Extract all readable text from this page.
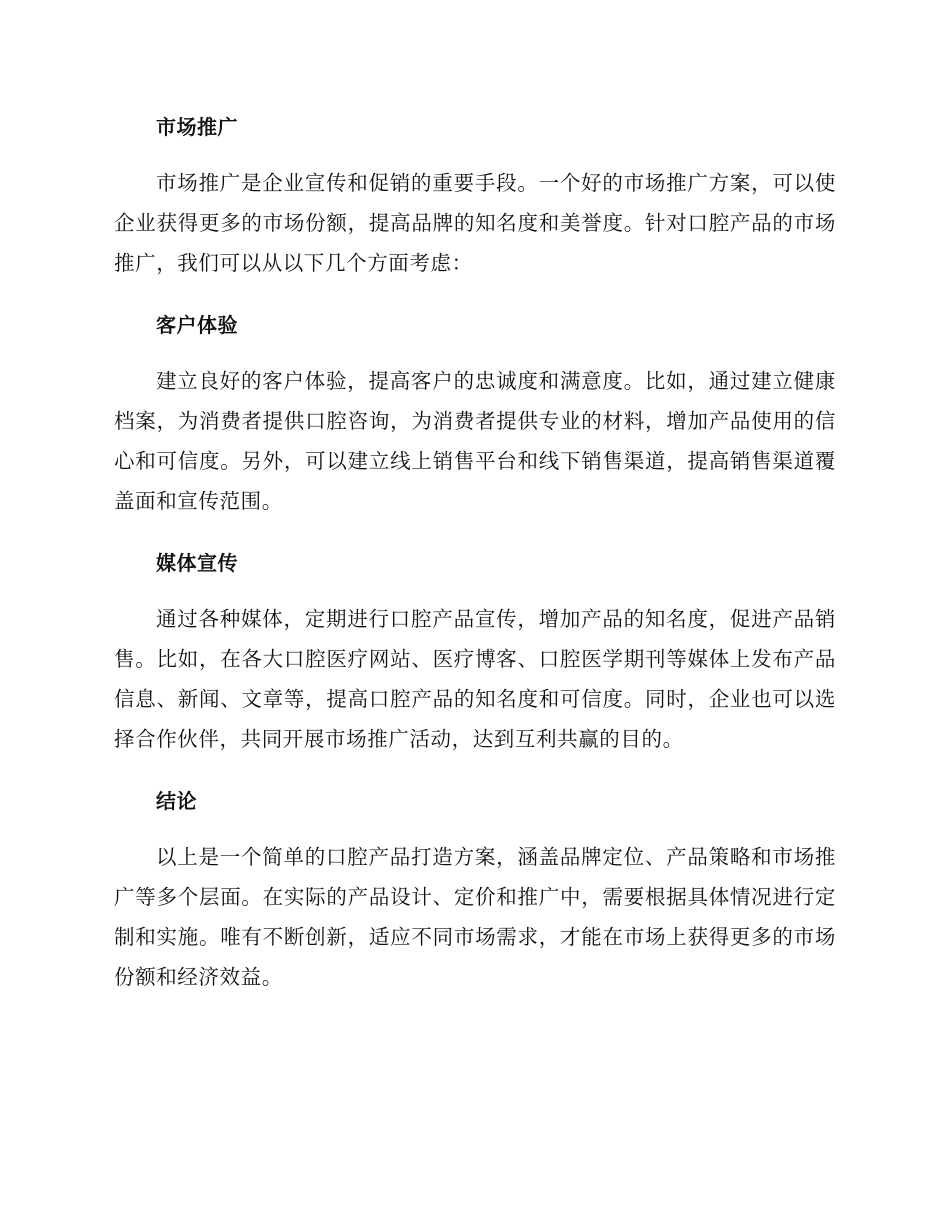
市场推广

市场推广是企业宣传和促销的重要手段。一个好的市场推广方案，可以使企业获得更多的市场份额，提高品牌的知名度和美誉度。针对口腔产品的市场推广，我们可以从以下几个方面考虑：

客户体验

建立良好的客户体验，提高客户的忠诚度和满意度。比如，通过建立健康档案，为消费者提供口腔咨询，为消费者提供专业的材料，增加产品使用的信心和可信度。另外，可以建立线上销售平台和线下销售渠道，提高销售渠道覆盖面和宣传范围。

媒体宣传

通过各种媒体，定期进行口腔产品宣传，增加产品的知名度，促进产品销售。比如，在各大口腔医疗网站、医疗博客、口腔医学期刊等媒体上发布产品信息、新闻、文章等，提高口腔产品的知名度和可信度。同时，企业也可以选择合作伙伴，共同开展市场推广活动，达到互利共赢的目的。

结论

以上是一个简单的口腔产品打造方案，涵盖品牌定位、产品策略和市场推广等多个层面。在实际的产品设计、定价和推广中，需要根据具体情况进行定制和实施。唯有不断创新，适应不同市场需求，才能在市场上获得更多的市场份额和经济效益。
